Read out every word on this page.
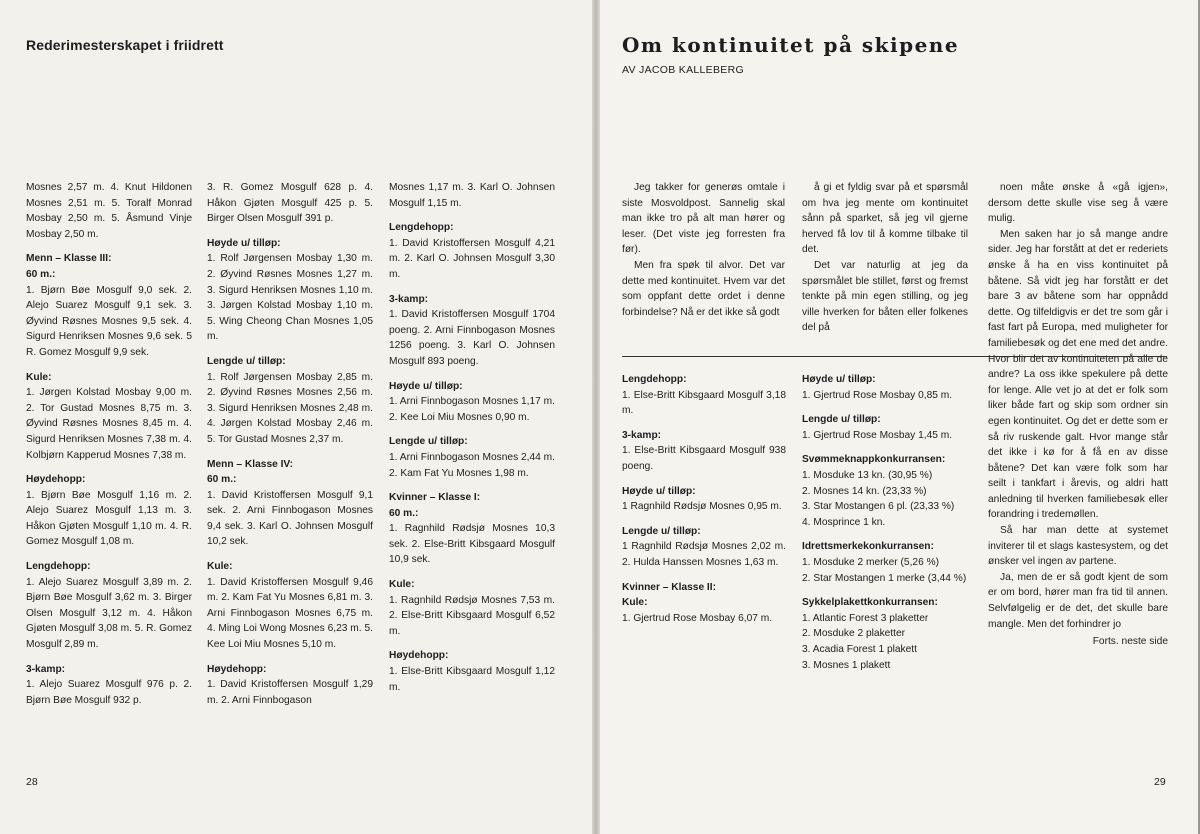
Rederimesterskapet i friidrett

Mosnes 2,57 m. 4. Knut Hildonen Mosnes 2,51 m. 5. Toralf Monrad Mosbay 2,50 m. 5. Åsmund Vinje Mosbay 2,50 m.

Menn – Klasse III:
60 m.:

1. Bjørn Bøe Mosgulf 9,0 sek. 2. Alejo Suarez Mosgulf 9,1 sek. 3. Øyvind Røsnes Mosnes 9,5 sek. 4. Sigurd Henriksen Mosnes 9,6 sek. 5 R. Gomez Mosgulf 9,9 sek.

Kule:

1. Jørgen Kolstad Mosbay 9,00 m. 2. Tor Gustad Mosnes 8,75 m. 3. Øyvind Røsnes Mosnes 8,45 m. 4. Sigurd Henriksen Mosnes 7,38 m. 4. Kolbjørn Kapperud Mosnes 7,38 m.

Høydehopp:

1. Bjørn Bøe Mosgulf 1,16 m. 2. Alejo Suarez Mosgulf 1,13 m. 3. Håkon Gjøten Mosgulf 1,10 m. 4. R. Gomez Mosgulf 1,08 m.

Lengdehopp:

1. Alejo Suarez Mosgulf 3,89 m. 2. Bjørn Bøe Mosgulf 3,62 m. 3. Birger Olsen Mosgulf 3,12 m. 4. Håkon Gjøten Mosgulf 3,08 m. 5. R. Gomez Mosgulf 2,89 m.

3-kamp:

1. Alejo Suarez Mosgulf 976 p. 2. Bjørn Bøe Mosgulf 932 p.

3. R. Gomez Mosgulf 628 p. 4. Håkon Gjøten Mosgulf 425 p. 5. Birger Olsen Mosgulf 391 p.

Høyde u/ tilløp:

1. Rolf Jørgensen Mosbay 1,30 m. 2. Øyvind Røsnes Mosnes 1,27 m. 3. Sigurd Henriksen Mosnes 1,10 m. 3. Jørgen Kolstad Mosbay 1,10 m. 5. Wing Cheong Chan Mosnes 1,05 m.

Lengde u/ tilløp:

1. Rolf Jørgensen Mosbay 2,85 m. 2. Øyvind Røsnes Mosnes 2,56 m. 3. Sigurd Henriksen Mosnes 2,48 m. 4. Jørgen Kolstad Mosbay 2,46 m. 5. Tor Gustad Mosnes 2,37 m.

Menn – Klasse IV:
60 m.:

1. David Kristoffersen Mosgulf 9,1 sek. 2. Arni Finnbogason Mosnes 9,4 sek. 3. Karl O. Johnsen Mosgulf 10,2 sek.

Kule:

1. David Kristoffersen Mosgulf 9,46 m. 2. Kam Fat Yu Mosnes 6,81 m. 3. Arni Finnbogason Mosnes 6,75 m. 4. Ming Loi Wong Mosnes 6,23 m. 5. Kee Loi Miu Mosnes 5,10 m.

Høydehopp:

1. David Kristoffersen Mosgulf 1,29 m. 2. Arni Finnbogason

Mosnes 1,17 m. 3. Karl O. Johnsen Mosgulf 1,15 m.

Lengdehopp:

1. David Kristoffersen Mosgulf 4,21 m. 2. Karl O. Johnsen Mosgulf 3,30 m.

3-kamp:

1. David Kristoffersen Mosgulf 1704 poeng. 2. Arni Finnbogason Mosnes 1256 poeng. 3. Karl O. Johnsen Mosgulf 893 poeng.

Høyde u/ tilløp:

1. Arni Finnbogason Mosnes 1,17 m. 2. Kee Loi Miu Mosnes 0,90 m.

Lengde u/ tilløp:

1. Arni Finnbogason Mosnes 2,44 m. 2. Kam Fat Yu Mosnes 1,98 m.

Kvinner – Klasse I:
60 m.:

1. Ragnhild Rødsjø Mosnes 10,3 sek. 2. Else-Britt Kibsgaard Mosgulf 10,9 sek.

Kule:

1. Ragnhild Rødsjø Mosnes 7,53 m. 2. Else-Britt Kibsgaard Mosgulf 6,52 m.

Høydehopp:

1. Else-Britt Kibsgaard Mosgulf 1,12 m.

28
Om kontinuitet på skipene
AV JACOB KALLEBERG

Jeg takker for generøs omtale i siste Mosvoldpost. Sannelig skal man ikke tro på alt man hører og leser. (Det viste jeg forresten fra før).

Men fra spøk til alvor. Det var dette med kontinuitet. Hvem var det som oppfant dette ordet i denne forbindelse? Nå er det ikke så godt

å gi et fyldig svar på et spørsmål om hva jeg mente om kontinuitet sånn på sparket, så jeg vil gjerne herved få lov til å komme tilbake til det.

Det var naturlig at jeg da spørsmålet ble stillet, først og fremst tenkte på min egen stilling, og jeg ville hverken for båten eller folkenes del på

noen måte ønske å «gå igjen», dersom dette skulle vise seg å være mulig.

Men saken har jo så mange andre sider. Jeg har forstått at det er rederiets ønske å ha en viss kontinuitet på båtene. Så vidt jeg har forstått er det bare 3 av båtene som har oppnådd dette. Og tilfeldigvis er det tre som går i fast fart på Europa, med muligheter for familiebesøk og det ene med det andre. Hvor blir det av kontinuiteten på alle de andre? La oss ikke spekulere på dette for lenge. Alle vet jo at det er folk som liker både fart og skip som ordner sin egen kontinuitet. Og det er dette som er så riv ruskende galt. Hvor mange står det ikke i kø for å få en av disse båtene? Det kan være folk som har seilt i tankfart i årevis, og aldri hatt anledning til hverken familiebesøk eller forandring i tredemøllen.

Så har man dette at systemet inviterer til et slags kastesystem, og det ønsker vel ingen av partene.

Ja, men de er så godt kjent de som er om bord, hører man fra tid til annen. Selvfølgelig er de det, det skulle bare mangle. Men det forhindrer jo

Forts. neste side

Lengdehopp:

1. Else-Britt Kibsgaard Mosgulf 3,18 m.

3-kamp:

1. Else-Britt Kibsgaard Mosgulf 938 poeng.

Høyde u/ tilløp:

1 Ragnhild Rødsjø Mosnes 0,95 m.

Lengde u/ tilløp:

1 Ragnhild Rødsjø Mosnes 2,02 m. 2. Hulda Hanssen Mosnes 1,63 m.

Kvinner – Klasse II:
Kule:

1. Gjertrud Rose Mosbay 6,07 m.

Høyde u/ tilløp:
1. Gjertrud Rose Mosbay 0,85 m.
Lengde u/ tilløp:
1. Gjertrud Rose Mosbay 1,45 m.
Svømmeknappkonkurransen:
1. Mosduke 13 kn. (30,95 %)
2. Mosnes 14 kn. (23,33 %)
3. Star Mostangen 6 pl. (23,33 %)
4. Mosprince 1 kn.
Idrettsmerkekonkurransen:
1. Mosduke 2 merker (5,26 %)
2. Star Mostangen 1 merke (3,44 %)
Sykkelplakettkonkurransen:
1. Atlantic Forest 3 plaketter
2. Mosduke 2 plaketter
3. Acadia Forest 1 plakett
3. Mosnes 1 plakett
29
